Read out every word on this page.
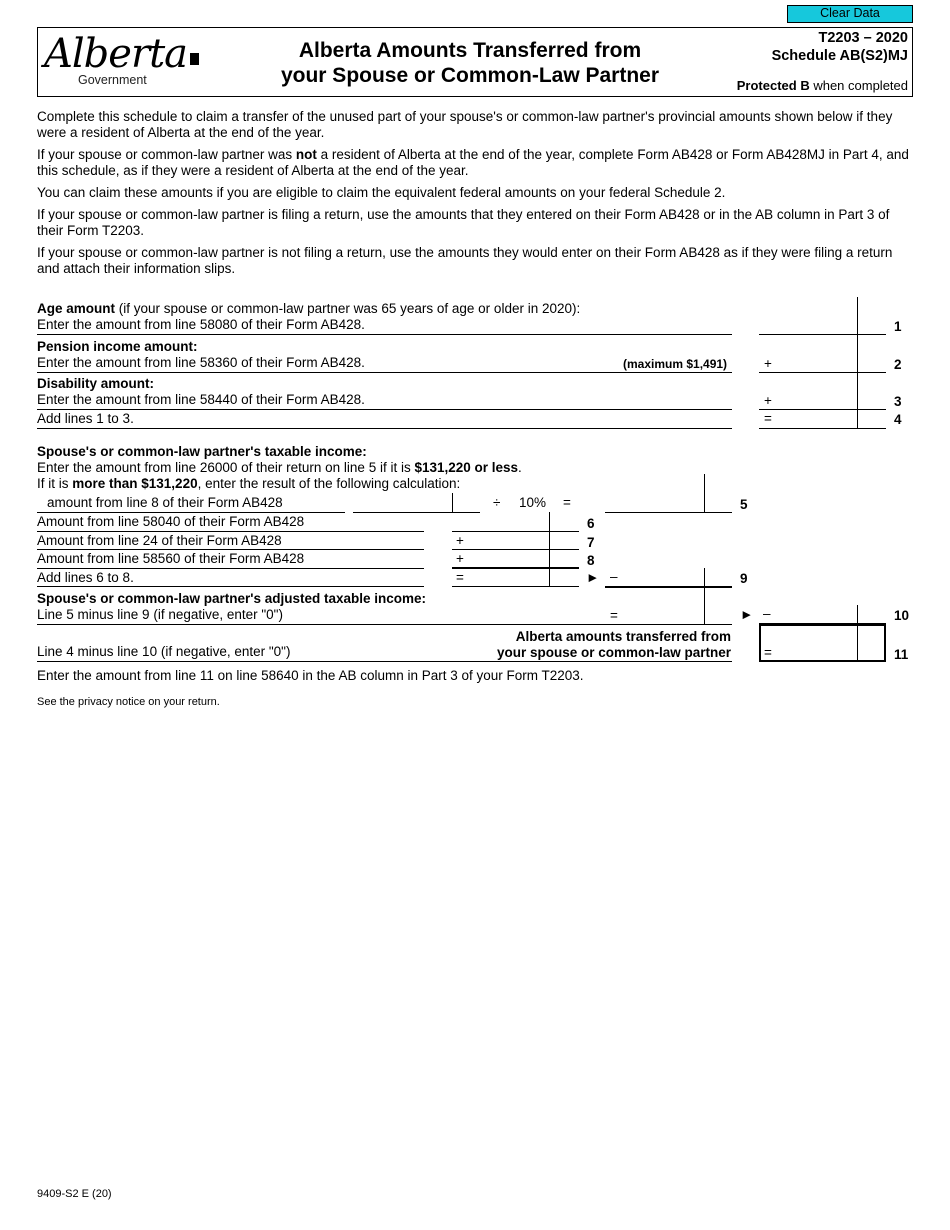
Clear Data
Alberta
Government
Alberta Amounts Transferred from
your Spouse or Common-Law Partner
T2203 – 2020
Schedule AB(S2)MJ
Protected B when completed
Complete this schedule to claim a transfer of the unused part of your spouse's or common-law partner's provincial amounts shown below if they were a resident of Alberta at the end of the year.
If your spouse or common-law partner was not a resident of Alberta at the end of the year, complete Form AB428 or Form AB428MJ in Part 4, and this schedule, as if they were a resident of Alberta at the end of the year.
You can claim these amounts if you are eligible to claim the equivalent federal amounts on your federal Schedule 2.
If your spouse or common-law partner is filing a return, use the amounts that they entered on their Form AB428 or in the AB column in Part 3 of their Form T2203.
If your spouse or common-law partner is not filing a return, use the amounts they would enter on their Form AB428 as if they were filing a return and attach their information slips.
Age amount (if your spouse or common-law partner was 65 years of age or older in 2020):
Enter the amount from line 58080 of their Form AB428.	1
Pension income amount:
Enter the amount from line 58360 of their Form AB428.	(maximum $1,491)	+	2
Disability amount:
Enter the amount from line 58440 of their Form AB428.	+	3
Add lines 1 to 3.	=	4
Spouse's or common-law partner's taxable income:
Enter the amount from line 26000 of their return on line 5 if it is $131,220 or less.
If it is more than $131,220, enter the result of the following calculation:
amount from line 8 of their Form AB428	÷ 10% =	5
Amount from line 58040 of their Form AB428	6
Amount from line 24 of their Form AB428	+	7
Amount from line 58560 of their Form AB428	+	8
Add lines 6 to 8.	=	► –	9
Spouse's or common-law partner's adjusted taxable income:
Line 5 minus line 9 (if negative, enter "0")	=	► –	10
Line 4 minus line 10 (if negative, enter "0")
Alberta amounts transferred from
your spouse or common-law partner =	11
Enter the amount from line 11 on line 58640 in the AB column in Part 3 of your Form T2203.
See the privacy notice on your return.
9409-S2 E (20)
